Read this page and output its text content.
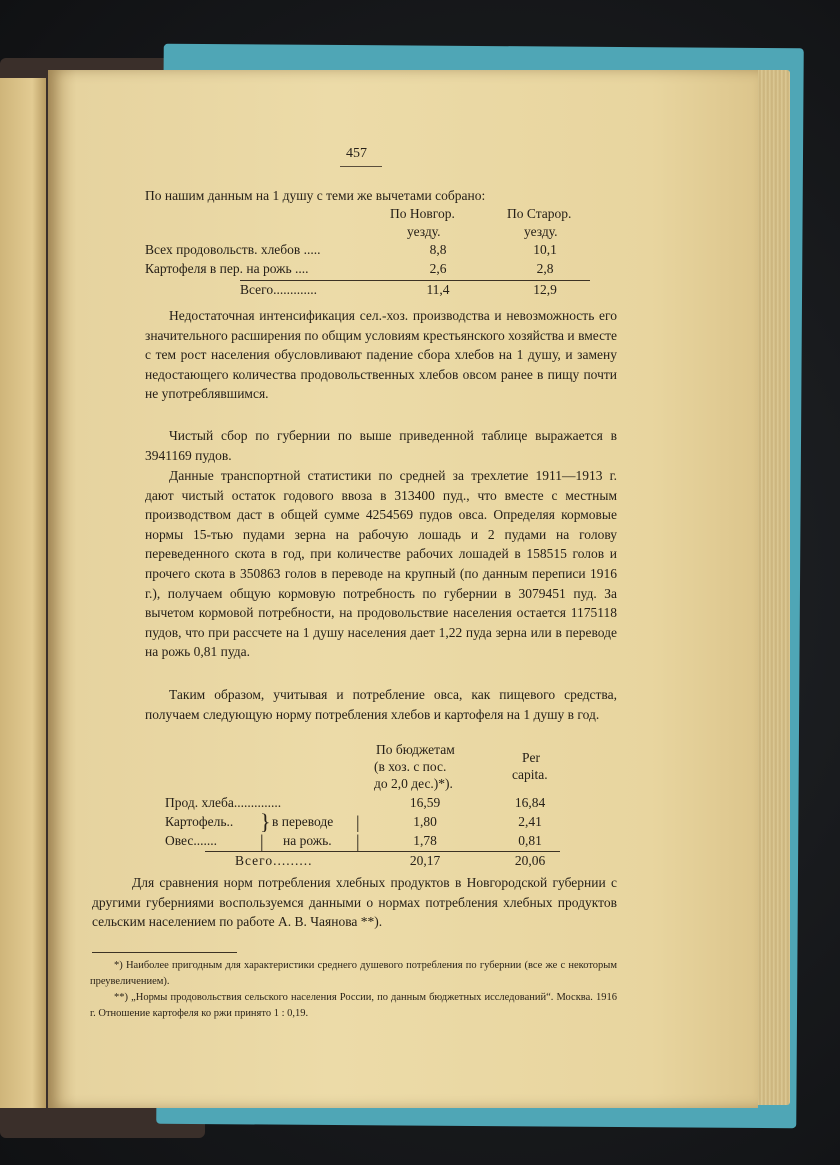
457
По нашим данным на 1 душу с теми же вычетами собрано:
По Новгор.
уезду.
По Старор.
уезду.
Всех продовольств. хлебов .....	8,8	10,1
Картофеля в пер. на рожь ....	2,6	2,8
Всего.............	11,4	12,9
Недостаточная интенсификация сел.-хоз. производства и невозможность его значительного расширения по общим условиям крестьянского хозяйства и вместе с тем рост населения обусловливают падение сбора хлебов на 1 душу, и замену недостающего количества продовольственных хлебов овсом ранее в пищу почти не употреблявшимся.
Чистый сбор по губернии по выше приведенной таблице выражается в 3941169 пудов.
Данные транспортной статистики по средней за трехлетие 1911—1913 г. дают чистый остаток годового ввоза в 313400 пуд., что вместе с местным производством даст в общей сумме 4254569 пудов овса. Определяя кормовые нормы 15-тью пудами зерна на рабочую лошадь и 2 пудами на голову переведенного скота в год, при количестве рабочих лошадей в 158515 голов и прочего скота в 350863 голов в переводе на крупный (по данным переписи 1916 г.), получаем общую кормовую потребность по губернии в 3079451 пуд. За вычетом кормовой потребности, на продовольствие населения остается 1175118 пудов, что при рассчете на 1 душу населения дает 1,22 пуда зерна или в переводе на рожь 0,81 пуда.
Таким образом, учитывая и потребление овса, как пищевого средства, получаем следующую норму потребления хлебов и картофеля на 1 душу в год.
По бюджетам
(в хоз. с пос.
до 2,0 дес.)*).
Per
capita.
Прод. хлеба..............	16,59	16,84
Картофель.. } в переводе |	1,80	2,41
Овес....... | на рожь. |	1,78	0,81
Всего.........	20,17	20,06
Для сравнения норм потребления хлебных продуктов в Новгородской губернии с другими губерниями воспользуемся данными о нормах потребления хлебных продуктов сельским населением по работе А. В. Чаянова **).
*) Наиболее пригодным для характеристики среднего душевого потребления по губернии (все же с некоторым преувеличением).
**) „Нормы продовольствия сельского населения России, по данным бюджетных исследований“. Москва. 1916 г. Отношение картофеля ко ржи принято 1 : 0,19.
